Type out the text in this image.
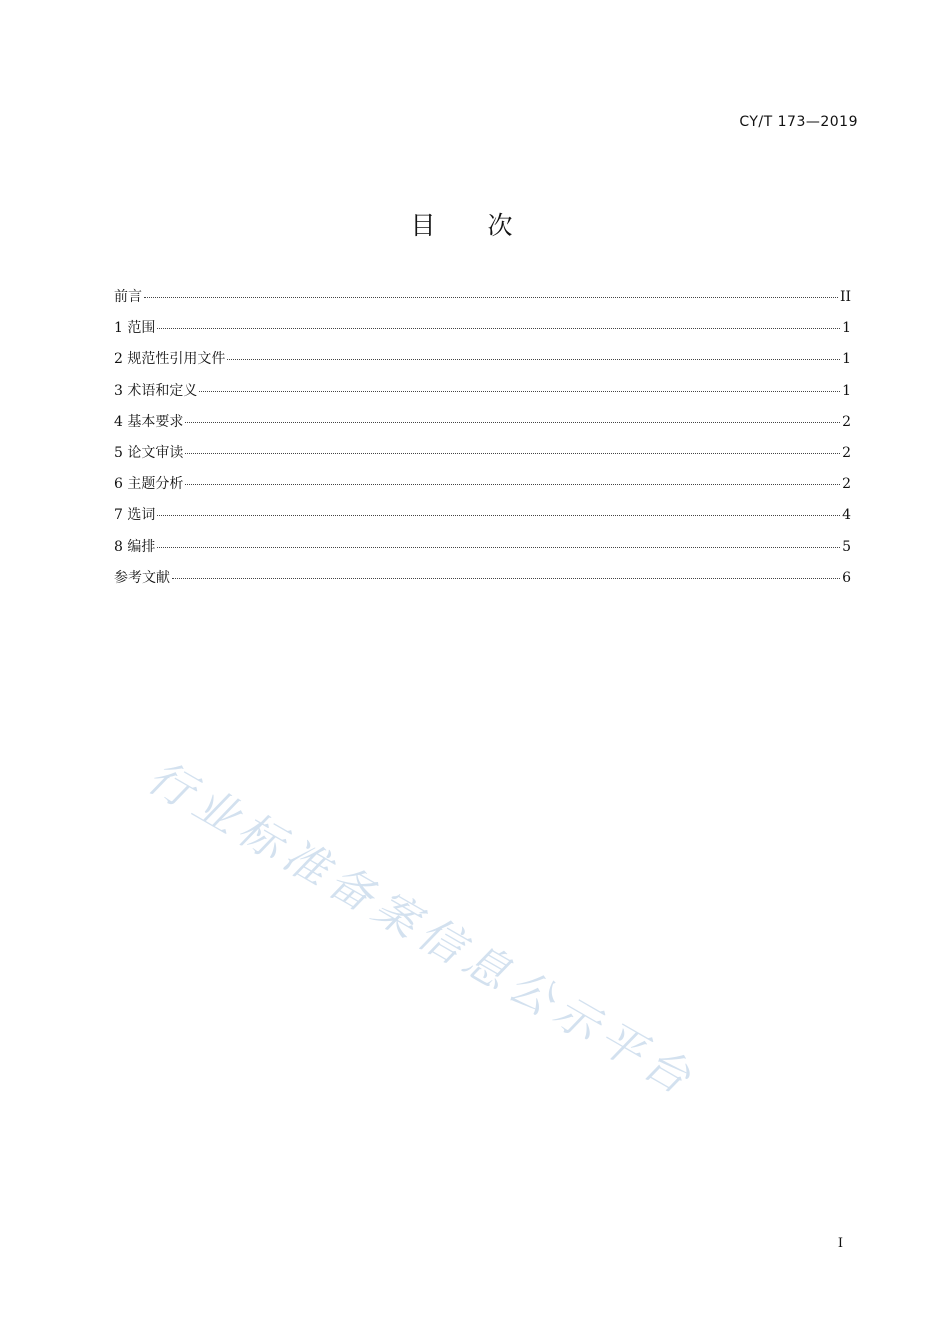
CY/T 173—2019
目次
前言	II
1 范围	1
2 规范性引用文件	1
3 术语和定义	1
4 基本要求	2
5 论文审读	2
6 主题分析	2
7 选词	4
8 编排	5
参考文献	6
行业标准备案信息公示平台
I
